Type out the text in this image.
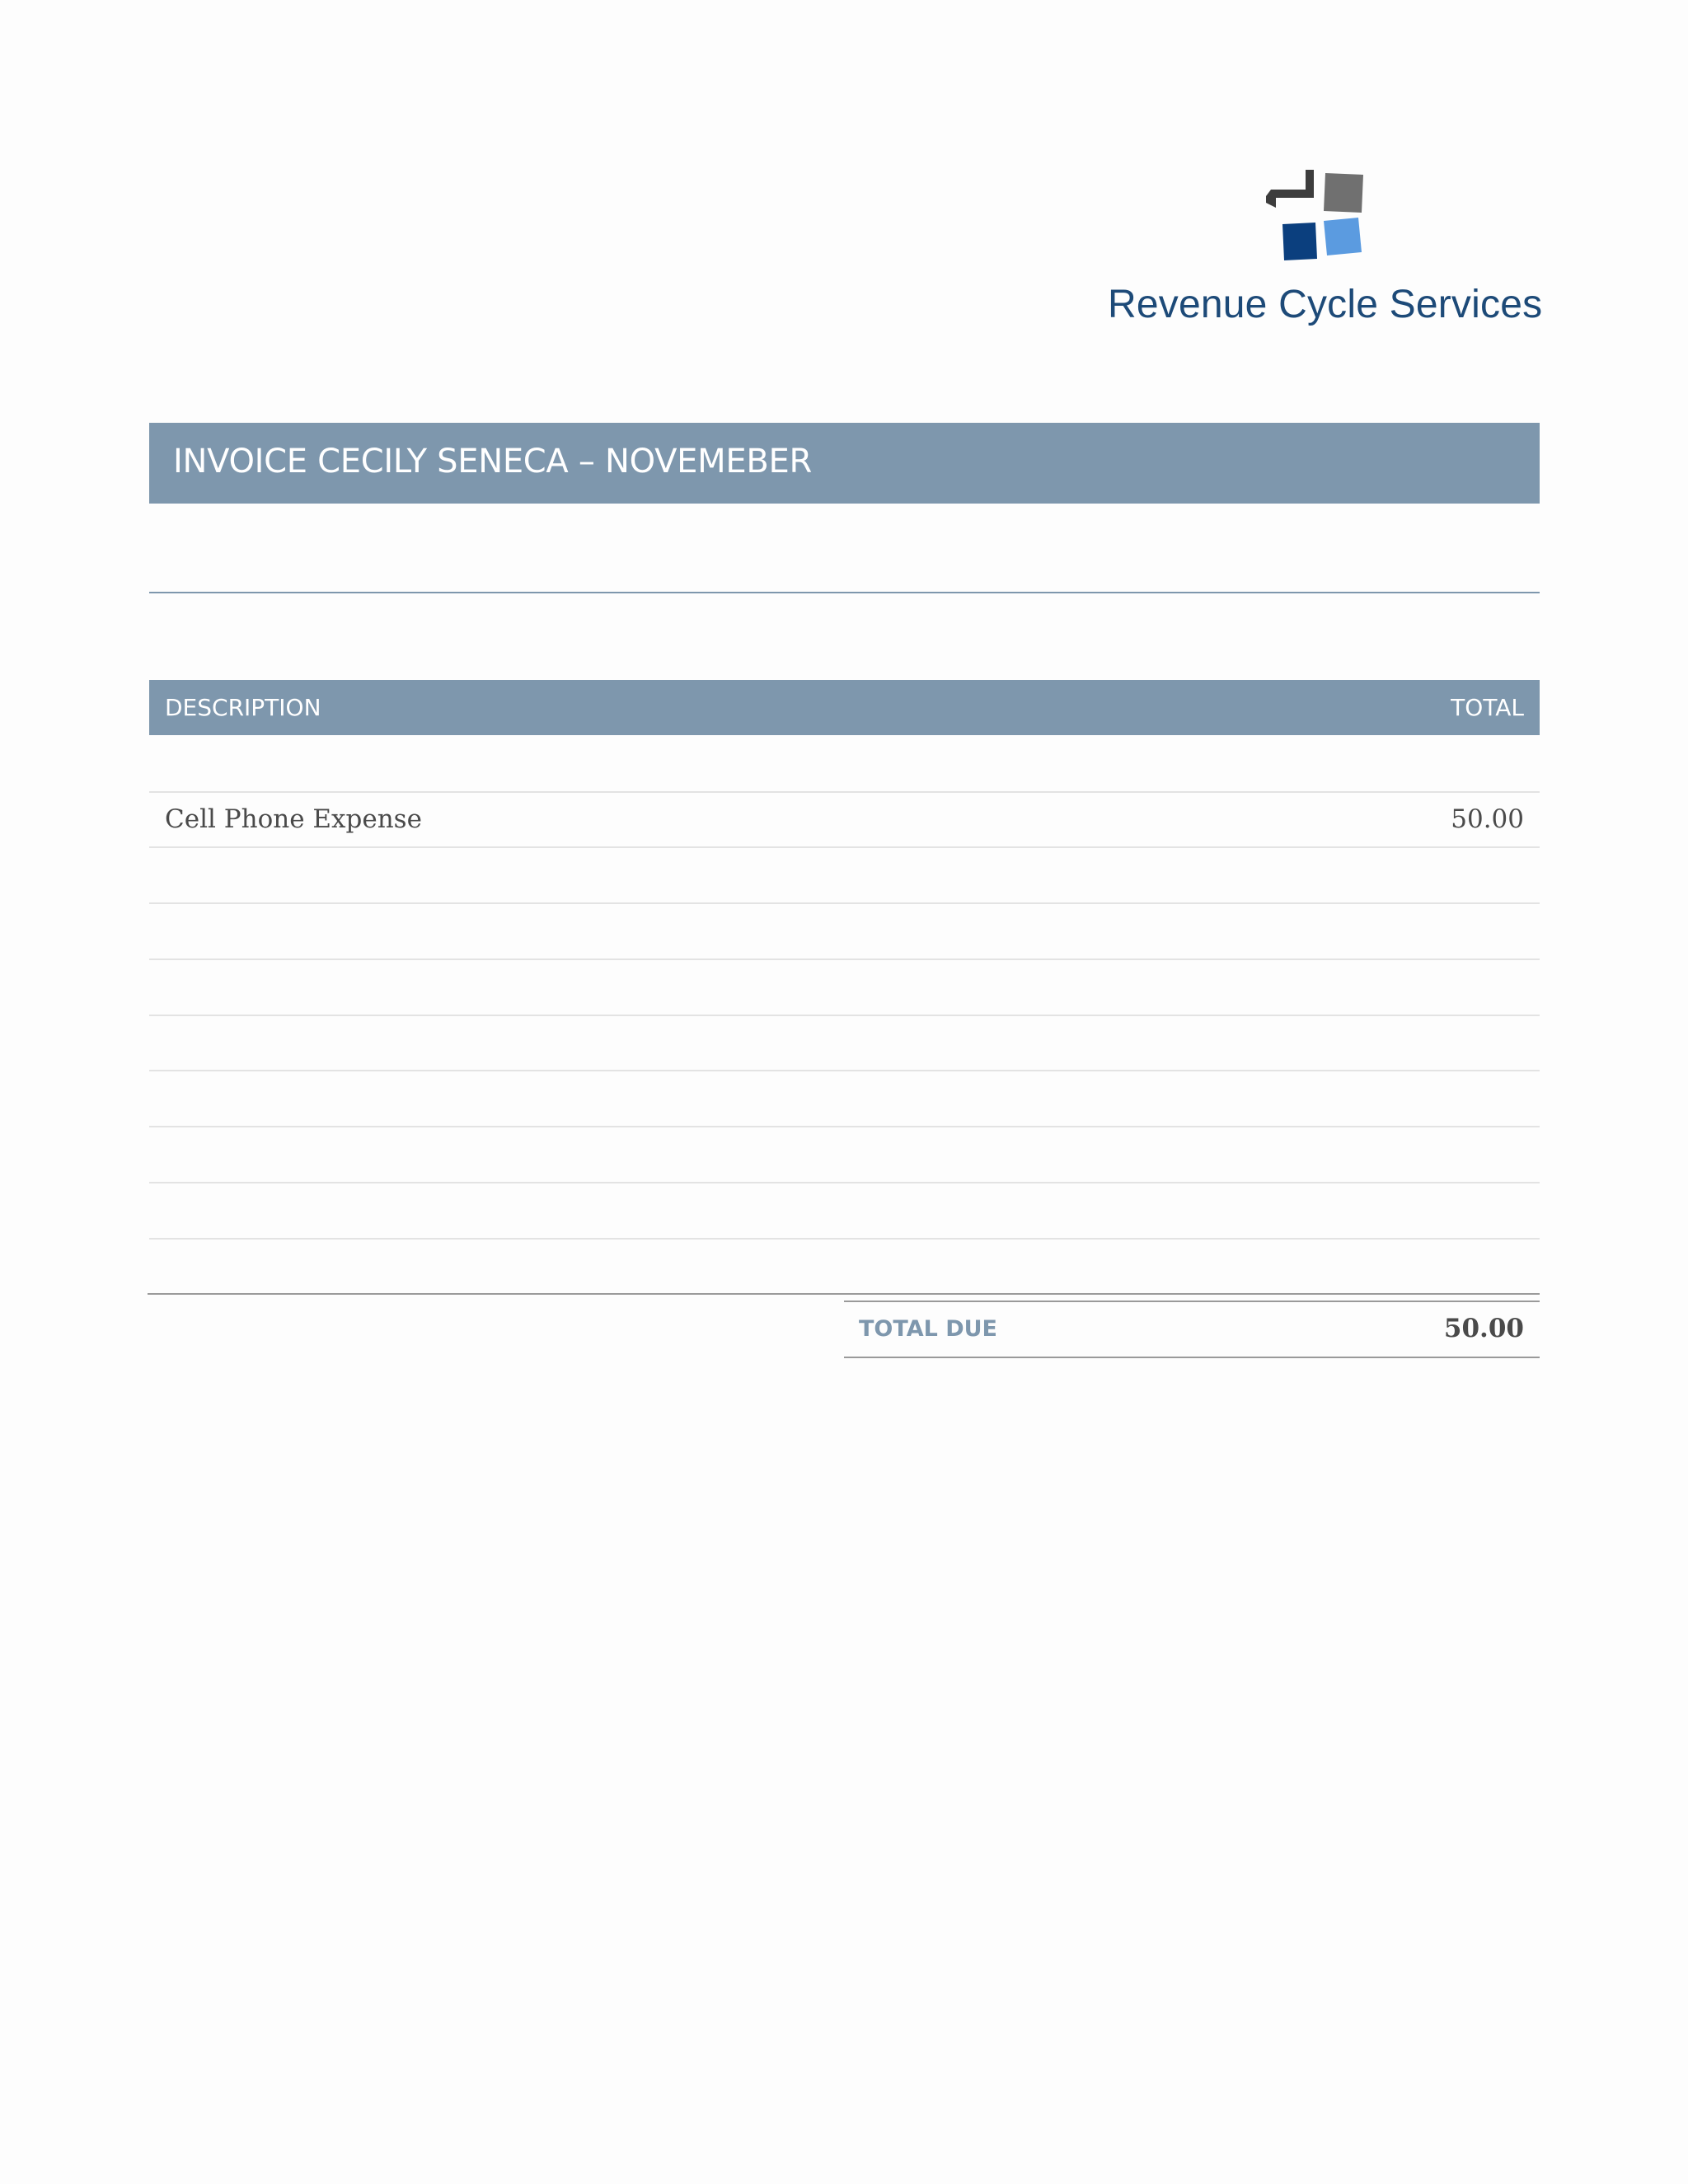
Revenue Cycle Services
INVOICE CECILY SENECA – NOVEMEBER
DESCRIPTION	TOTAL
Cell Phone Expense	50.00
TOTAL DUE	50.00
